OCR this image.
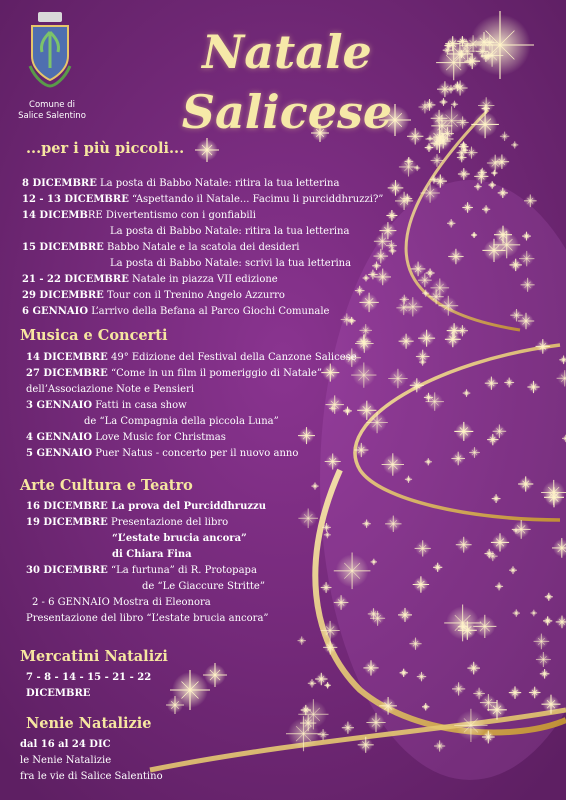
Comune di
Salice Salentino
Natale Salicese
...per i più piccoli...
8 DICEMBRE La posta di Babbo Natale: ritira la tua letterina
12 - 13 DICEMBRE “Aspettando il Natale... Facimu li purciddhruzzi?”
14 DICEMBRE Divertentismo con i gonfiabili
La posta di Babbo Natale: ritira la tua letterina
15 DICEMBRE Babbo Natale e la scatola dei desideri
La posta di Babbo Natale: scrivi la tua letterina
21 - 22 DICEMBRE Natale in piazza VII edizione
29 DICEMBRE Tour con il Trenino Angelo Azzurro
6 GENNAIO L’arrivo della Befana al Parco Giochi Comunale
Musica e Concerti
14 DICEMBRE 49° Edizione del Festival della Canzone Salicese
27 DICEMBRE “Come in un film il pomeriggio di Natale”
dell’Associazione Note e Pensieri
3 GENNAIO Fatti in casa show
de “La Compagnia della piccola Luna”
4 GENNAIO Love Music for Christmas
5 GENNAIO Puer Natus - concerto per il nuovo anno
Arte Cultura e Teatro
16 DICEMBRE La prova del Purciddhruzzu
19 DICEMBRE Presentazione del libro
“L’estate brucia ancora”
di Chiara Fina
30 DICEMBRE “La furtuna” di R. Protopapa
de “Le Giaccure Stritte”
2 - 6 GENNAIO Mostra di Eleonora
Presentazione del libro “L’estate brucia ancora”
Mercatini Natalizi
7 - 8 - 14 - 15 - 21 - 22
DICEMBRE
Nenie Natalizie
dal 16 al 24 DIC
le Nenie Natalizie
fra le vie di Salice Salentino
